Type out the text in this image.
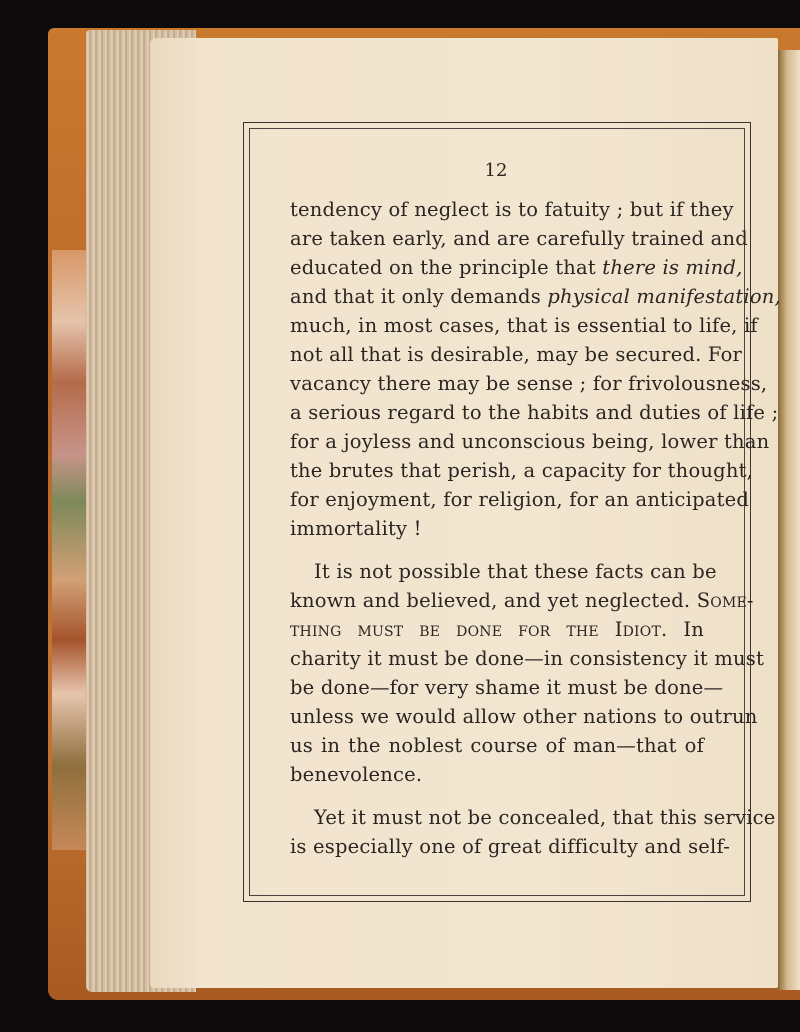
12
tendency of neglect is to fatuity ; but if they
are taken early, and are carefully trained and
educated on the principle that there is mind,
and that it only demands physical manifestation,
much, in most cases, that is essential to life, if
not all that is desirable, may be secured. For
vacancy there may be sense ; for frivolousness,
a serious regard to the habits and duties of life ;
for a joyless and unconscious being, lower than
the brutes that perish, a capacity for thought,
for enjoyment, for religion, for an anticipated
immortality !
It is not possible that these facts can be
known and believed, and yet neglected. Some-
thing must be done for the Idiot. In
charity it must be done—in consistency it must
be done—for very shame it must be done—
unless we would allow other nations to outrun
us in the noblest course of man—that of
benevolence.
Yet it must not be concealed, that this service
is especially one of great difficulty and self-
